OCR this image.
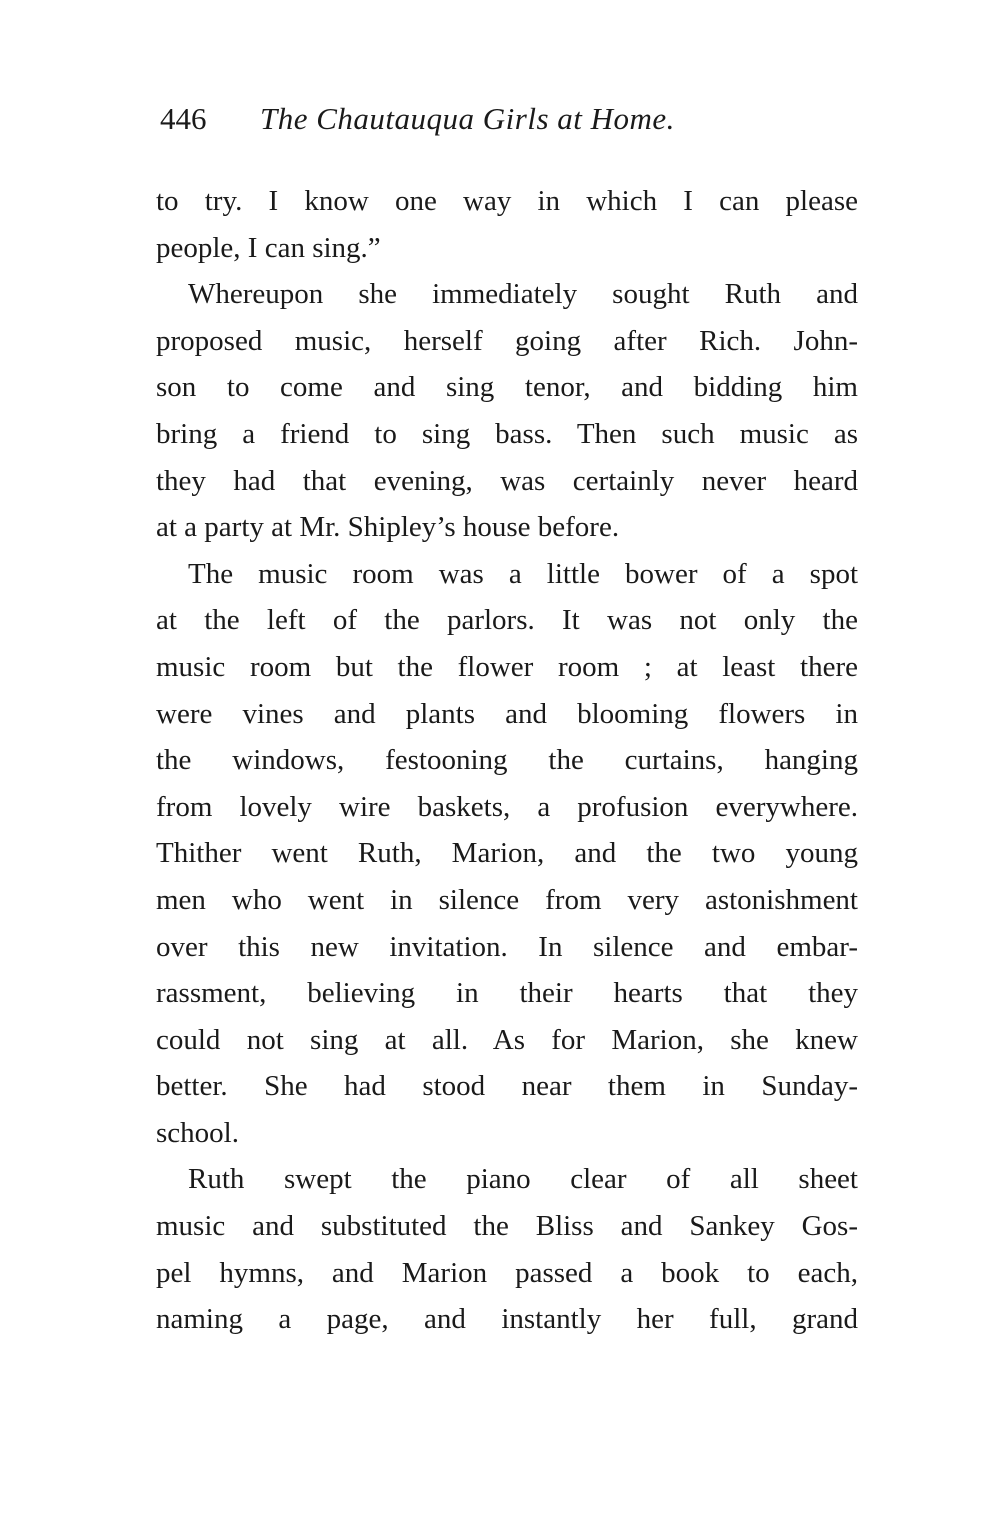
446 The Chautauqua Girls at Home.
to try. I know one way in which I can please
people, I can sing.”
Whereupon she immediately sought Ruth and
proposed music, herself going after Rich. John-
son to come and sing tenor, and bidding him
bring a friend to sing bass. Then such music as
they had that evening, was certainly never heard
at a party at Mr. Shipley’s house before.
The music room was a little bower of a spot
at the left of the parlors. It was not only the
music room but the flower room ; at least there
were vines and plants and blooming flowers in
the windows, festooning the curtains, hanging
from lovely wire baskets, a profusion everywhere.
Thither went Ruth, Marion, and the two young
men who went in silence from very astonishment
over this new invitation. In silence and embar-
rassment, believing in their hearts that they
could not sing at all. As for Marion, she knew
better. She had stood near them in Sunday-
school.
Ruth swept the piano clear of all sheet
music and substituted the Bliss and Sankey Gos-
pel hymns, and Marion passed a book to each,
naming a page, and instantly her full, grand
